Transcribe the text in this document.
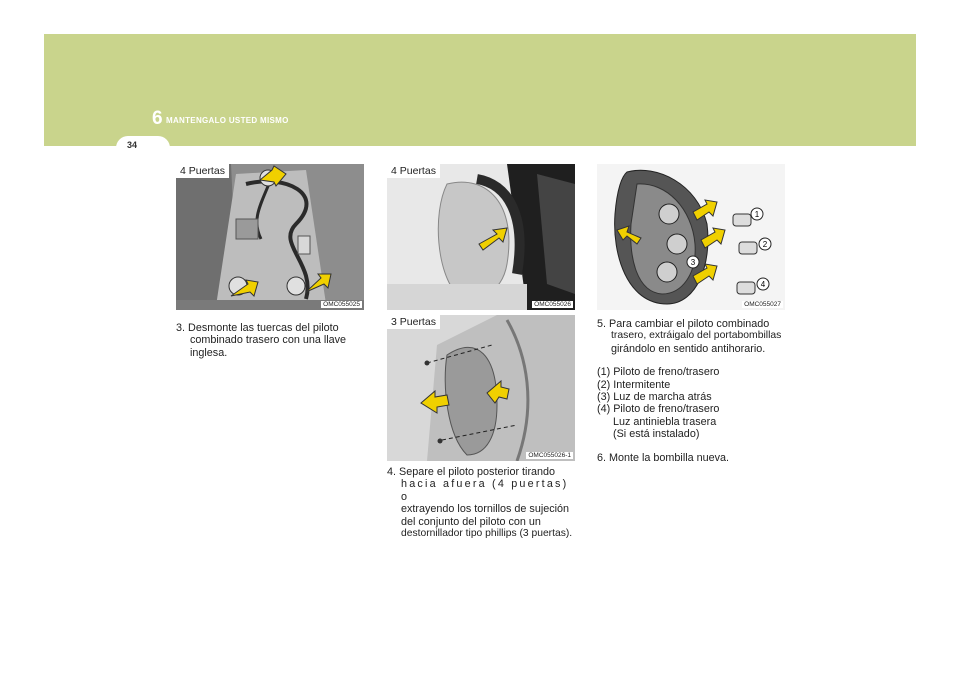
6 MANTENGALO USTED MISMO
34
4 Puertas
OMC055025
4 Puertas
OMC055026
3 Puertas
OMC055026-1
1
2
3
4
OMC055027

3. Desmonte las tuercas del piloto

combinado trasero con una llave

inglesa.

4. Separe el piloto posterior tirando

hacia afuera (4 puertas) o

extrayendo los tornillos de sujeción

del conjunto del piloto con un

destornillador tipo phillips (3 puertas).

5. Para cambiar el piloto combinado

trasero, extráigalo del portabombillas

girándolo en sentido antihorario.

(1) Piloto de freno/trasero

(2) Intermitente

(3) Luz de marcha atrás

(4) Piloto de freno/trasero

Luz antiniebla trasera

(Si está instalado)

6. Monte la bombilla nueva.
